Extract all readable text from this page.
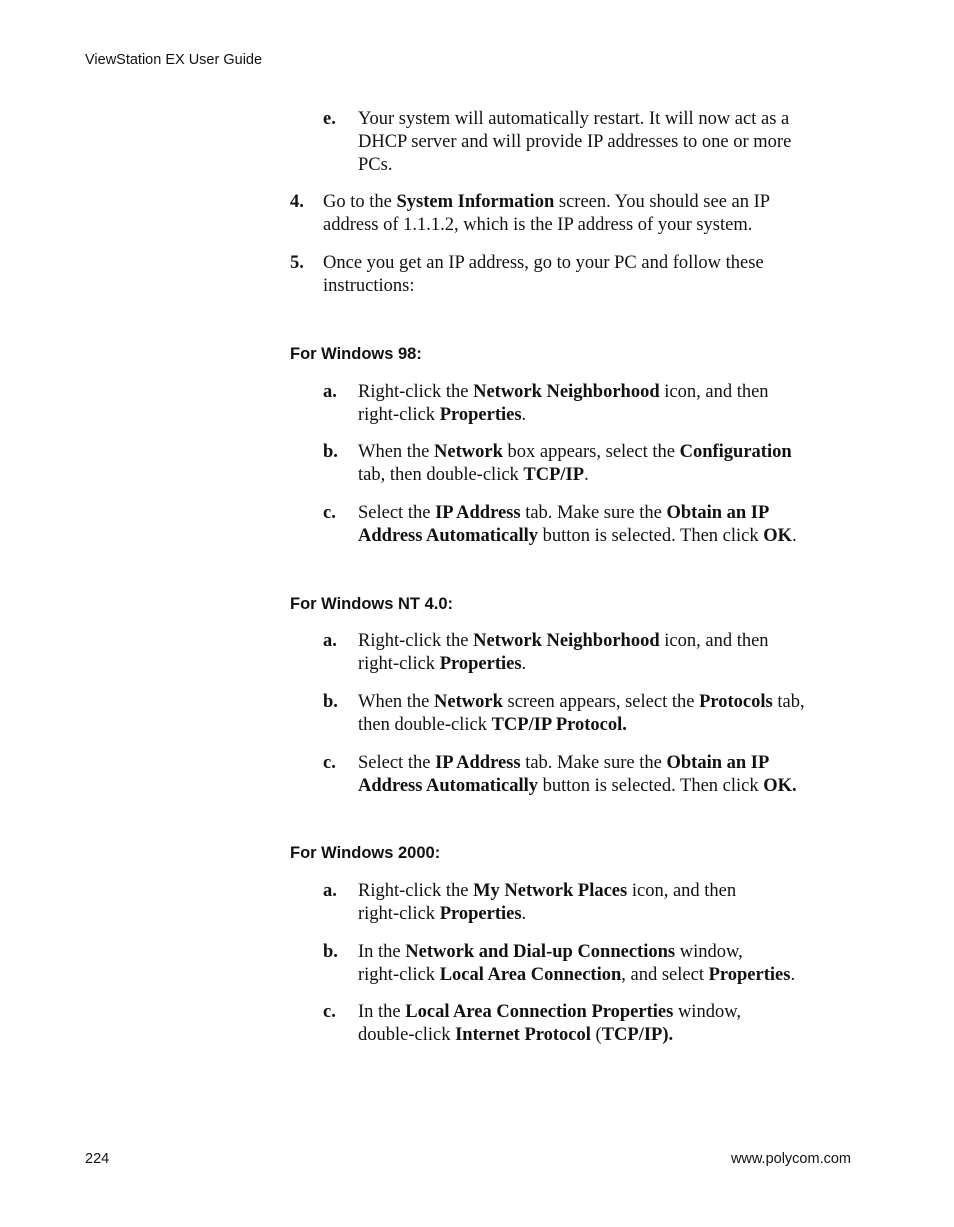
ViewStation EX User Guide
e. Your system will automatically restart. It will now act as a
DHCP server and will provide IP addresses to one or more
PCs.
4. Go to the System Information screen. You should see an IP
address of 1.1.1.2, which is the IP address of your system.
5. Once you get an IP address, go to your PC and follow these
instructions:
For Windows 98:
a. Right-click the Network Neighborhood icon, and then
right-click Properties.
b. When the Network box appears, select the Configuration
tab, then double-click TCP/IP.
c. Select the IP Address tab. Make sure the Obtain an IP
Address Automatically button is selected. Then click OK.
For Windows NT 4.0:
a. Right-click the Network Neighborhood icon, and then
right-click Properties.
b. When the Network screen appears, select the Protocols tab,
then double-click TCP/IP Protocol.
c. Select the IP Address tab. Make sure the Obtain an IP
Address Automatically button is selected. Then click OK.
For Windows 2000:
a. Right-click the My Network Places icon, and then
right-click Properties.
b. In the Network and Dial-up Connections window,
right-click Local Area Connection, and select Properties.
c. In the Local Area Connection Properties window,
double-click Internet Protocol (TCP/IP).
224	www.polycom.com
